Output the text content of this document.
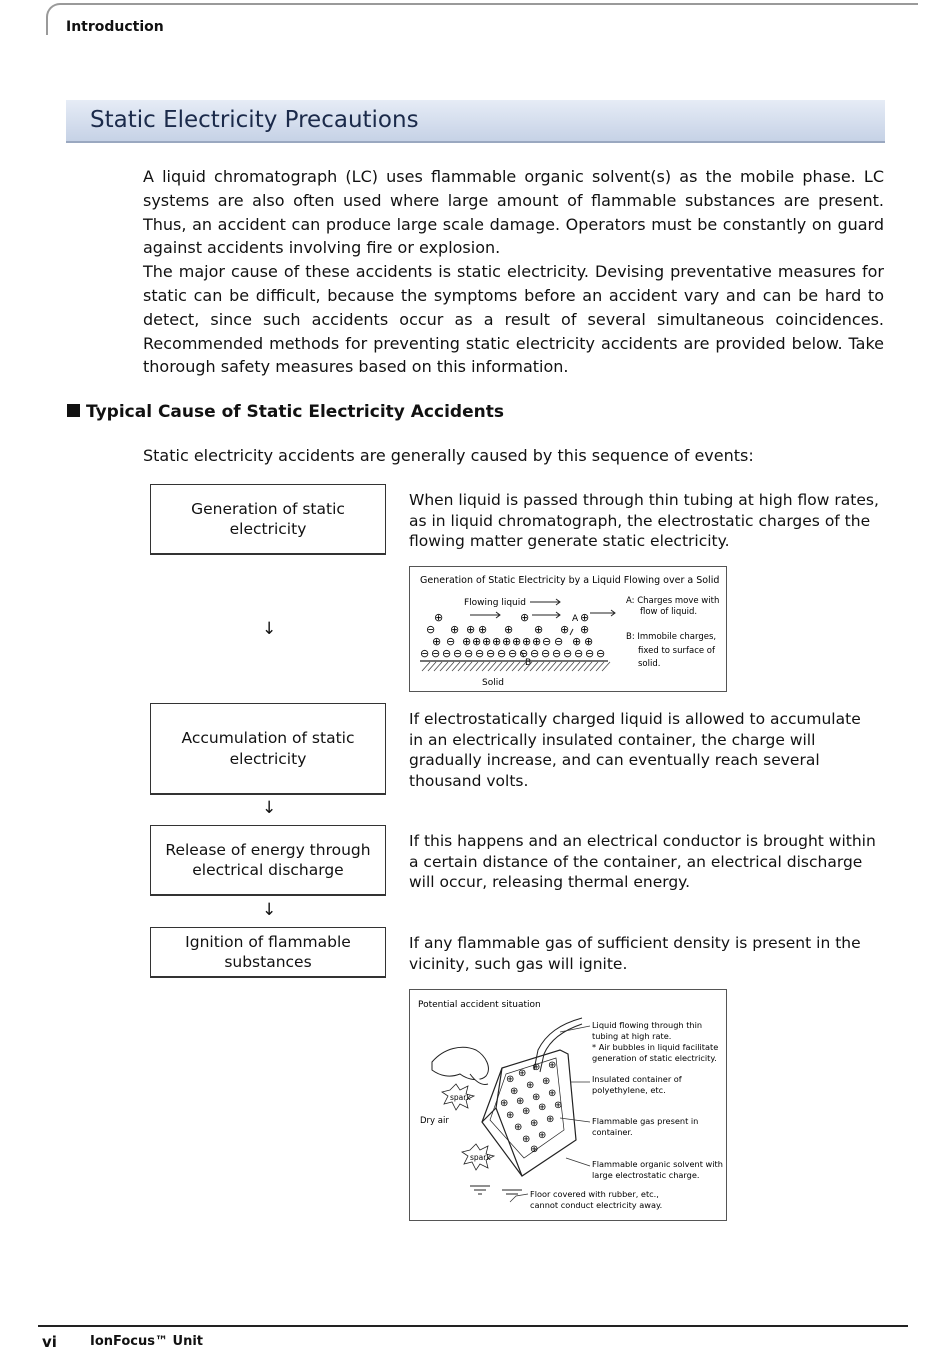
Introduction
Static Electricity Precautions

A liquid chromatograph (LC) uses flammable organic solvent(s) as the mobile phase. LC systems are also often used where large amount of flammable substances are present. Thus, an accident can produce large scale damage. Operators must be constantly on guard against accidents involving fire or explosion.

The major cause of these accidents is static electricity. Devising preventative measures for static can be difficult, because the symptoms before an accident vary and can be hard to detect, since such accidents occur as a result of several simultaneous coincidences. Recommended methods for preventing static electricity accidents are provided below. Take thorough safety measures based on this information.

Typical Cause of Static Electricity Accidents
Static electricity accidents are generally caused by this sequence of events:
Generation of static electricity
When liquid is passed through thin tubing at high flow rates, as in liquid chromatograph, the electrostatic charges of the flowing matter generate static electricity.
↓
Generation of Static Electricity by a Liquid Flowing over a Solid
Flowing liquid
A
B
⊕	⊕	⊕
⊖ ⊕ ⊕ ⊕ ⊕ ⊕ ⊕ ⊕
⊕ ⊖ ⊕ ⊕ ⊕ ⊕ ⊕ ⊕ ⊕ ⊕ ⊖ ⊖ ⊕ ⊕
⊖ ⊖ ⊖ ⊖ ⊖ ⊖ ⊖ ⊖ ⊖ ⊖ ⊖ ⊖ ⊖ ⊖ ⊖ ⊖ ⊖
Solid
A: Charges move with
flow of liquid.
B: Immobile charges,
fixed to surface of
solid.
Accumulation of static electricity
If electrostatically charged liquid is allowed to accumulate in an electrically insulated container, the charge will gradually increase, and can eventually reach several thousand volts.
↓
Release of energy through electrical discharge
If this happens and an electrical conductor is brought within a certain distance of the container, an electrical discharge will occur, releasing thermal energy.
↓
Ignition of flammable substances
If any flammable gas of sufficient density is present in the vicinity, such gas will ignite.
Potential accident situation
spark
spark
Dry air
⊕
⊕
⊕ ⊕
⊕
⊕ ⊕
⊕ ⊕ ⊕ ⊕
⊕ ⊕ ⊕ ⊕
⊕ ⊕ ⊕
⊕ ⊕
⊕
Liquid flowing through thin
tubing at high rate.
* Air bubbles in liquid facilitate
generation of static electricity.
Insulated container of
polyethylene, etc.
Flammable gas present in
container.
Flammable organic solvent with
large electrostatic charge.
Floor covered with rubber, etc.,
cannot conduct electricity away.
vi	IonFocus™ Unit
